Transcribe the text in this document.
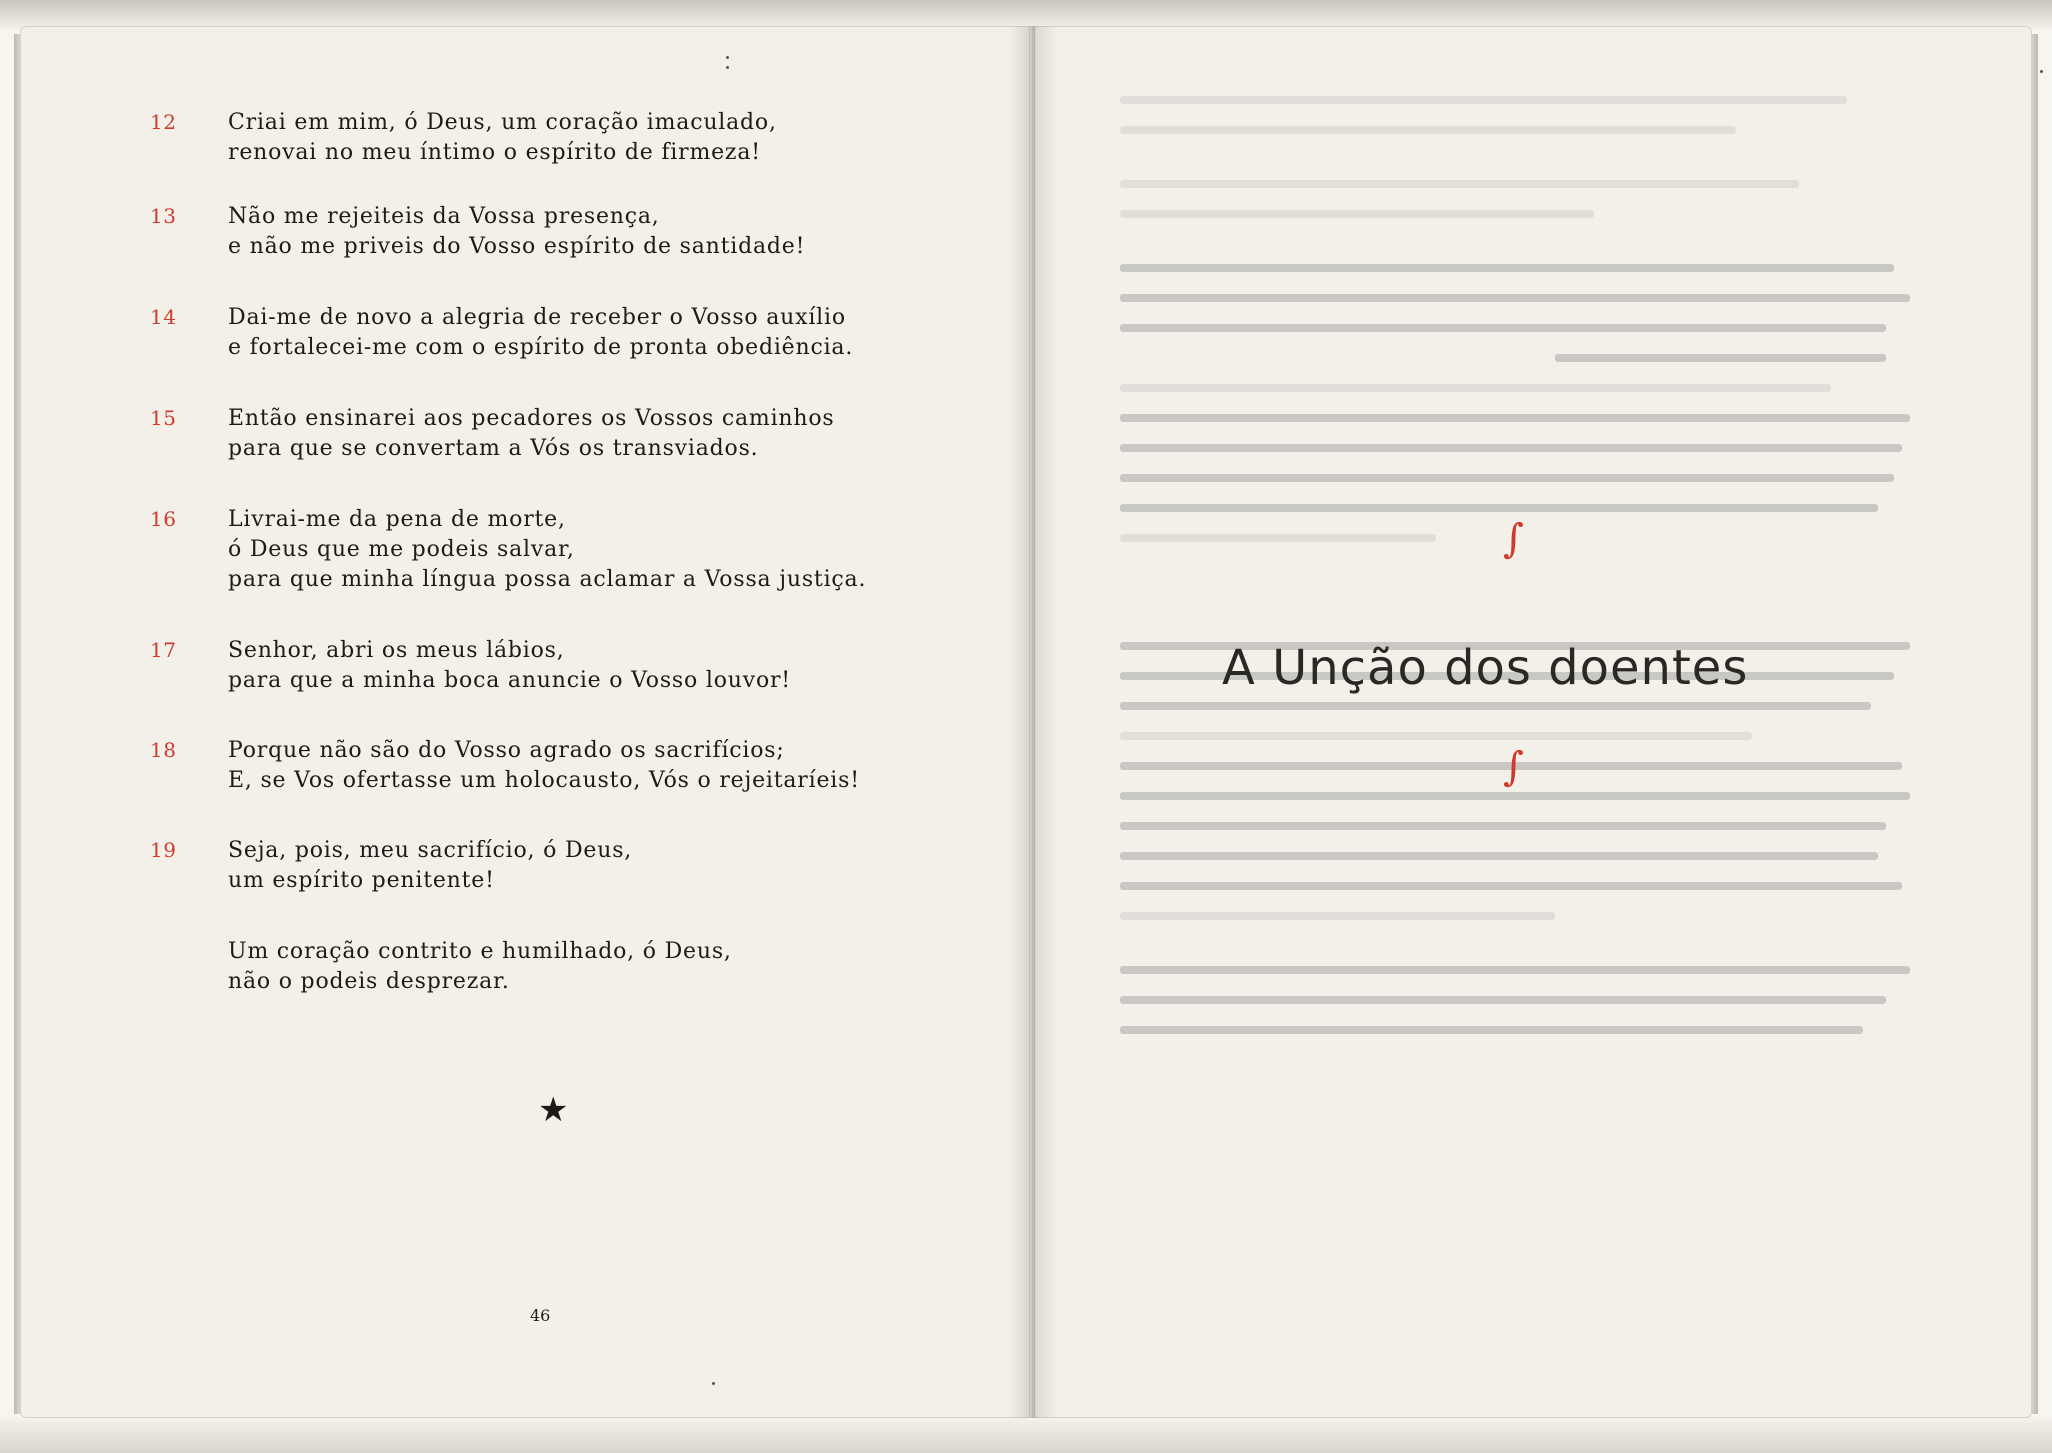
12 Criai em mim, ó Deus, um coração imaculado,
renovai no meu íntimo o espírito de firmeza!
13 Não me rejeiteis da Vossa presença,
e não me priveis do Vosso espírito de santidade!
14 Dai-me de novo a alegria de receber o Vosso auxílio
e fortalecei-me com o espírito de pronta obediência.
15 Então ensinarei aos pecadores os Vossos caminhos
para que se convertam a Vós os transviados.
16 Livrai-me da pena de morte,
ó Deus que me podeis salvar,
para que minha língua possa aclamar a Vossa justiça.
17 Senhor, abri os meus lábios,
para que a minha boca anuncie o Vosso louvor!
18 Porque não são do Vosso agrado os sacrifícios;
E, se Vos ofertasse um holocausto, Vós o rejeitaríeis!
19 Seja, pois, meu sacrifício, ó Deus,
um espírito penitente!
Um coração contrito e humilhado, ó Deus,
não o podeis desprezar.
★
46
∫
A Unção dos doentes
∫
